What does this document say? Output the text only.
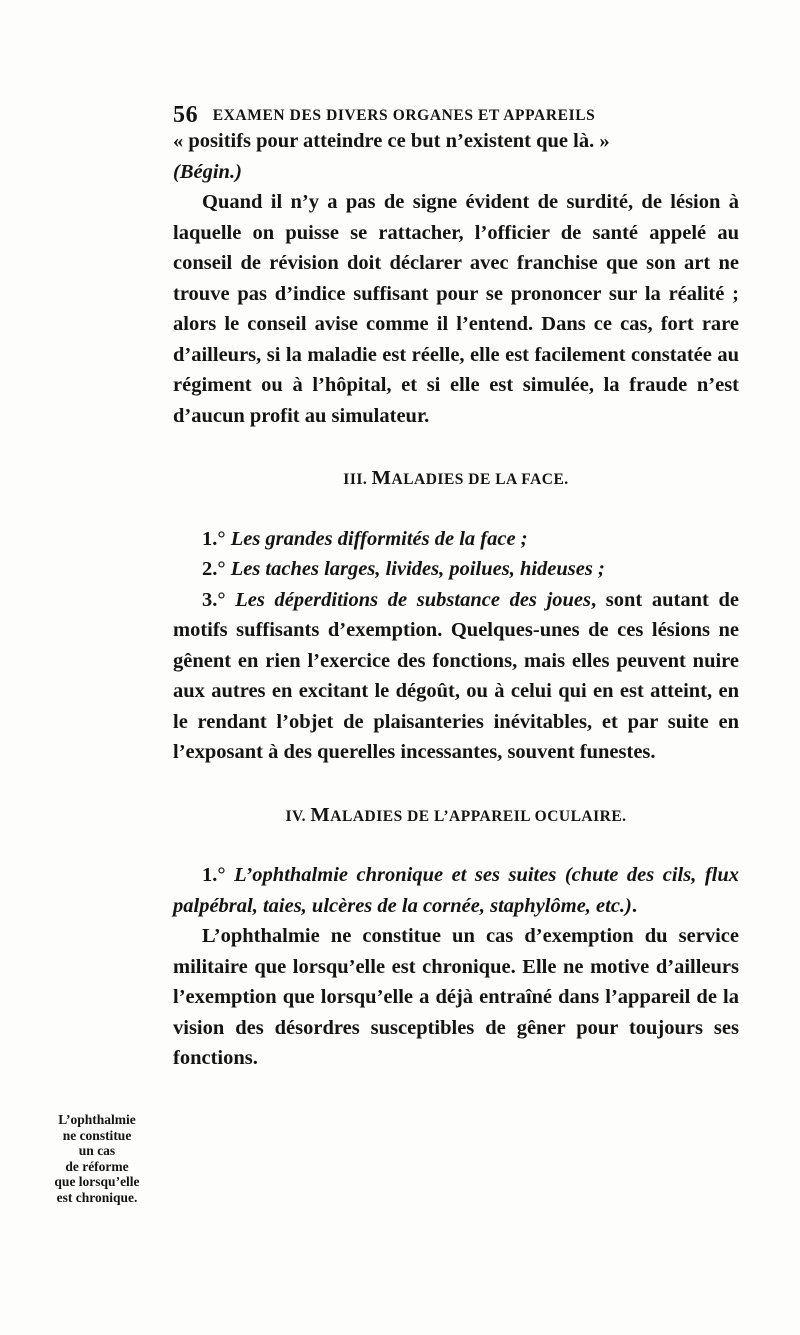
56 EXAMEN DES DIVERS ORGANES ET APPAREILS

« positifs pour atteindre ce but n’existent que là. »
(Bégin.)

Quand il n’y a pas de signe évident de surdité, de lésion à laquelle on puisse se rattacher, l’officier de santé appelé au conseil de révision doit déclarer avec franchise que son art ne trouve pas d’indice suffisant pour se prononcer sur la réalité ; alors le conseil avise comme il l’entend. Dans ce cas, fort rare d’ailleurs, si la maladie est réelle, elle est facilement constatée au régiment ou à l’hôpital, et si elle est simulée, la fraude n’est d’aucun profit au simulateur.

III. MALADIES DE LA FACE.

1.° Les grandes difformités de la face ;

2.° Les taches larges, livides, poilues, hideuses ;

3.° Les déperditions de substance des joues, sont autant de motifs suffisants d’exemption. Quelques-unes de ces lésions ne gênent en rien l’exercice des fonctions, mais elles peuvent nuire aux autres en excitant le dégoût, ou à celui qui en est atteint, en le rendant l’objet de plaisanteries inévitables, et par suite en l’exposant à des querelles incessantes, souvent funestes.

IV. MALADIES DE L’APPAREIL OCULAIRE.

1.° L’ophthalmie chronique et ses suites (chute des cils, flux palpébral, taies, ulcères de la cornée, staphylôme, etc.).

L’ophthalmie ne constitue un cas d’exemption du service militaire que lorsqu’elle est chronique. Elle ne motive d’ailleurs l’exemption que lorsqu’elle a déjà entraîné dans l’appareil de la vision des désordres susceptibles de gêner pour toujours ses fonctions.

L’ophthalmie
ne constitue
un cas
de réforme
que lorsqu’elle
est chronique.
